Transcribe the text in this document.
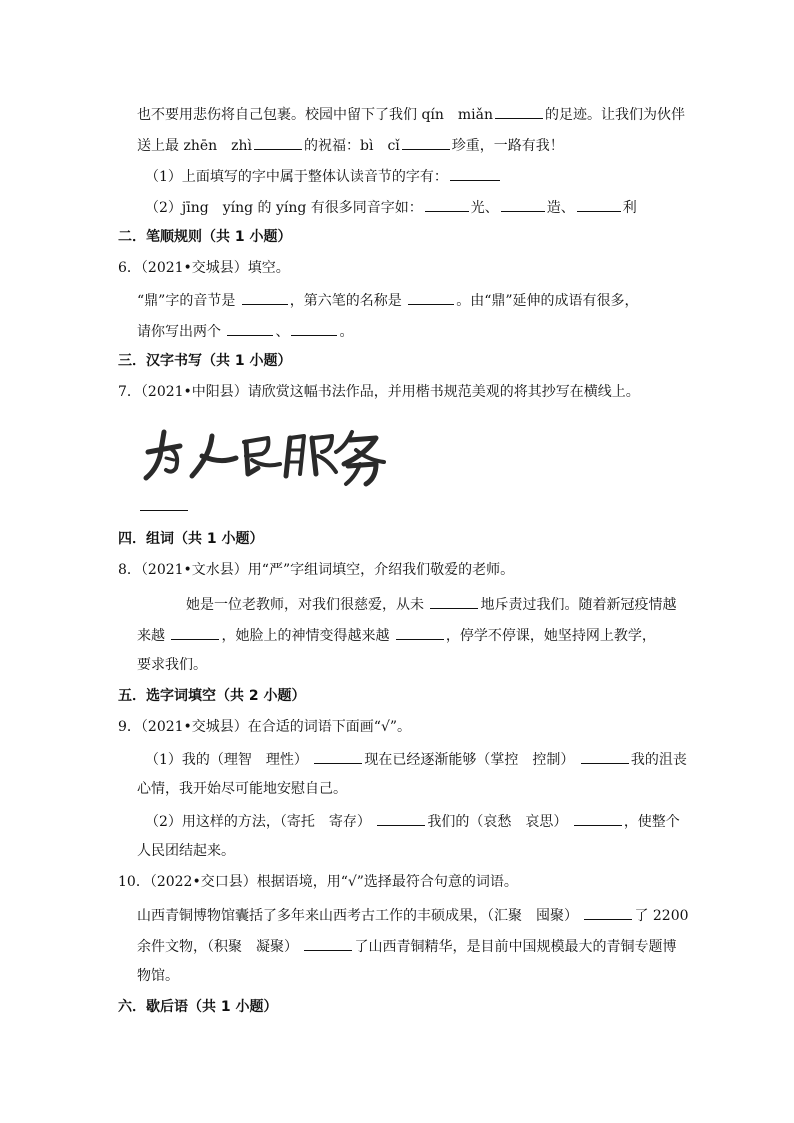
也不要用悲伤将自己包裹。校园中留下了我们 qín　miǎn	的足迹。让我们为伙伴
送上最 zhēn　zhì	的祝福：bì　cǐ	珍重，一路有我！
（1）上面填写的字中属于整体认读音节的字有：
（2）jīng　yíng 的 yíng 有很多同音字如：	光、	造、	利
二．笔顺规则（共 1 小题）
6．（2021•交城县）填空。
“鼎”字的音节是	，第六笔的名称是	。由“鼎”延伸的成语有很多，
请你写出两个	、	。
三．汉字书写（共 1 小题）
7．（2021•中阳县）请欣赏这幅书法作品，并用楷书规范美观的将其抄写在横线上。
四．组词（共 1 小题）
8．（2021•文水县）用“严”字组词填空，介绍我们敬爱的老师。
她是一位老教师，对我们很慈爱，从未	地斥责过我们。随着新冠疫情越
来越	，她脸上的神情变得越来越	，停学不停课，她坚持网上教学，
要求我们。
五．选字词填空（共 2 小题）
9．（2021•交城县）在合适的词语下面画“√”。
（1）我的（理智　理性）	现在已经逐渐能够（掌控　控制）	我的沮丧
心情，我开始尽可能地安慰自己。
（2）用这样的方法，（寄托　寄存）	我们的（哀愁　哀思）	，使整个
人民团结起来。
10．（2022•交口县）根据语境，用“√”选择最符合句意的词语。
山西青铜博物馆囊括了多年来山西考古工作的丰硕成果，（汇聚　囤聚）	了 2200
余件文物，（积聚　凝聚）	了山西青铜精华，是目前中国规模最大的青铜专题博
物馆。
六．歇后语（共 1 小题）
